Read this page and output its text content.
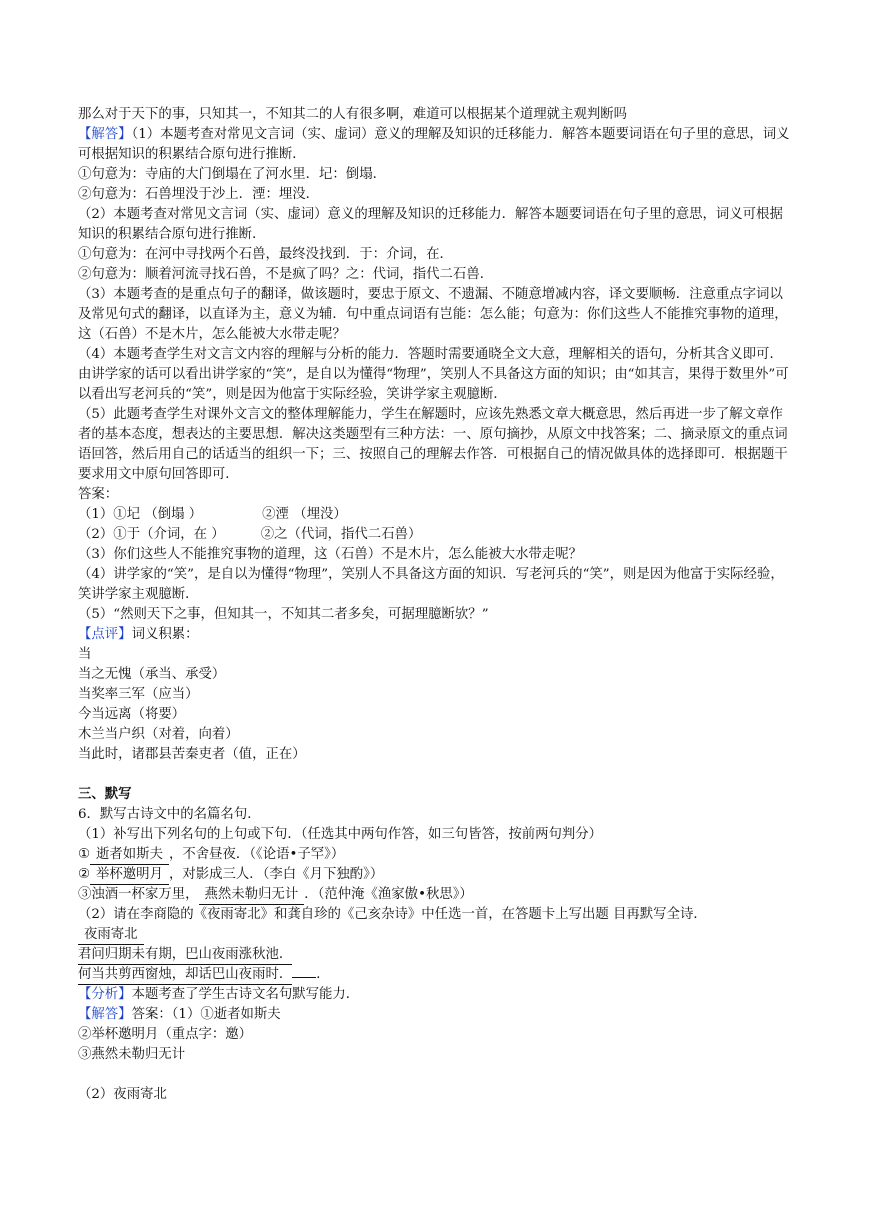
那么对于天下的事，只知其一，不知其二的人有很多啊，难道可以根据某个道理就主观判断吗

【解答】（1）本题考查对常见文言词（实、虚词）意义的理解及知识的迁移能力．解答本题要词语在句子里的意思，词义可根据知识的积累结合原句进行推断．

①句意为：寺庙的大门倒塌在了河水里．圮：倒塌．

②句意为：石兽埋没于沙上．湮：埋没．

（2）本题考查对常见文言词（实、虚词）意义的理解及知识的迁移能力．解答本题要词语在句子里的意思，词义可根据知识的积累结合原句进行推断．

①句意为：在河中寻找两个石兽，最终没找到．于：介词，在．

②句意为：顺着河流寻找石兽，不是疯了吗？之：代词，指代二石兽．

（3）本题考查的是重点句子的翻译，做该题时，要忠于原文、不遗漏、不随意增减内容，译文要顺畅．注意重点字词以及常见句式的翻译，以直译为主，意义为辅．句中重点词语有岂能：怎么能；句意为：你们这些人不能推究事物的道理，这（石兽）不是木片，怎么能被大水带走呢？

（4）本题考查学生对文言文内容的理解与分析的能力．答题时需要通晓全文大意，理解相关的语句，分析其含义即可．由讲学家的话可以看出讲学家的“笑”，是自以为懂得“物理”，笑别人不具备这方面的知识；由“如其言，果得于数里外”可以看出写老河兵的“笑”，则是因为他富于实际经验，笑讲学家主观臆断．

（5）此题考查学生对课外文言文的整体理解能力，学生在解题时，应该先熟悉文章大概意思，然后再进一步了解文章作者的基本态度，想表达的主要思想．解决这类题型有三种方法：一、原句摘抄，从原文中找答案；二、摘录原文的重点词语回答，然后用自己的话适当的组织一下；三、按照自己的理解去作答．可根据自己的情况做具体的选择即可．根据题干要求用文中原句回答即可．

答案：

（1）①圮 （倒塌 ）	②湮 （埋没）

（2）①于（介词，在 ）	②之（代词，指代二石兽）

（3）你们这些人不能推究事物的道理，这（石兽）不是木片，怎么能被大水带走呢？

（4）讲学家的“笑”，是自以为懂得“物理”，笑别人不具备这方面的知识．写老河兵的“笑”，则是因为他富于实际经验，笑讲学家主观臆断．

（5）“然则天下之事，但知其一，不知其二者多矣，可据理臆断欤？”

【点评】词义积累：

当

当之无愧（承当、承受）

当奖率三军（应当）

今当远离（将要）

木兰当户织（对着，向着）

当此时，诸郡县苦秦吏者（值，正在）

三、默写

6．默写古诗文中的名篇名句．

（1）补写出下列名句的上句或下句．（任选其中两句作答，如三句皆答，按前两句判分）

① 逝者如斯夫 ，不舍昼夜．（《论语•子罕》）

② 举杯邀明月 ，对影成三人．（李白《月下独酌》）

③浊酒一杯家万里， 燕然未勒归无计 ．（范仲淹《渔家傲•秋思》）

（2）请在李商隐的《夜雨寄北》和龚自珍的《己亥杂诗》中任选一首，在答题卡上写出题 目再默写全诗．

夜雨寄北

君问归期未有期，巴山夜雨涨秋池．

何当共剪西窗烛，却话巴山夜雨时． ．

【分析】本题考查了学生古诗文名句默写能力．

【解答】答案：（1）①逝者如斯夫

②举杯邀明月（重点字：邀）

③燕然未勒归无计

（2）夜雨寄北
